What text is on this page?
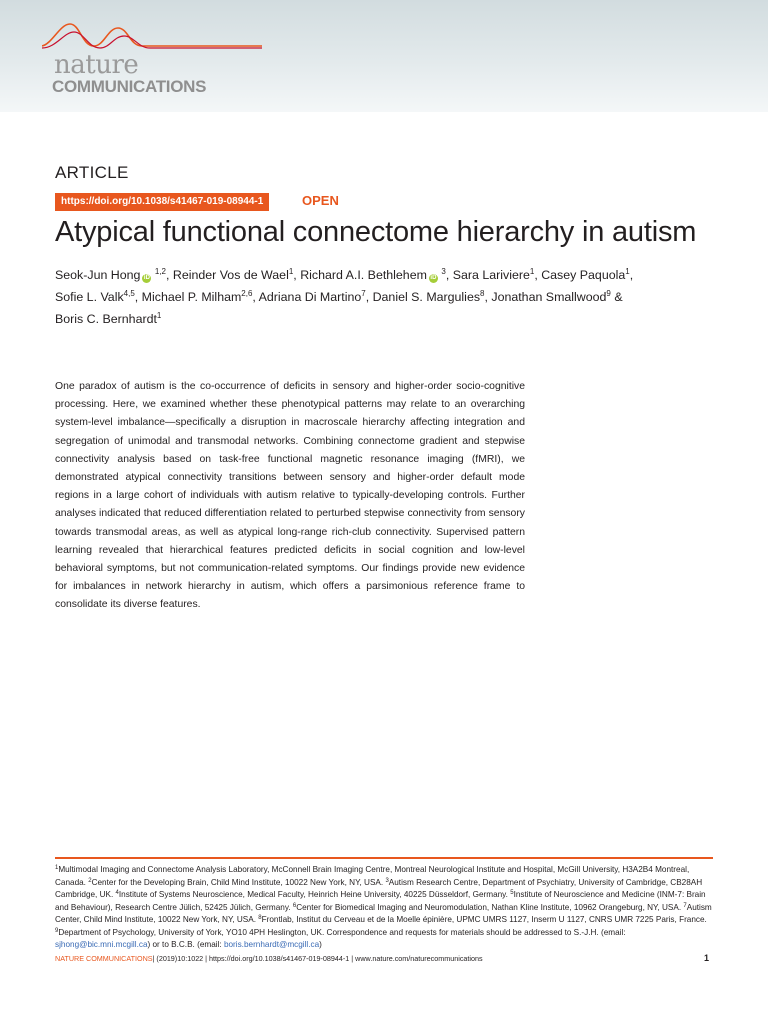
nature
COMMUNICATIONS
ARTICLE
https://doi.org/10.1038/s41467-019-08944-1	OPEN
Atypical functional connectome hierarchy in autism
Seok-Jun Hong iD $^{1,2}$, Reinder Vos de Wael$^1$, Richard A.I. Bethlehem iD $^3$, Sara Lariviere$^1$, Casey Paquola$^1$,
Sofie L. Valk$^{4,5}$, Michael P. Milham$^{2,6}$, Adriana Di Martino$^7$, Daniel S. Margulies$^8$, Jonathan Smallwood$^9$ &
Boris C. Bernhardt$^1$

One paradox of autism is the co-occurrence of deficits in sensory and higher-order socio-cognitive processing. Here, we examined whether these phenotypical patterns may relate to an overarching system-level imbalance—specifically a disruption in macroscale hierarchy affecting integration and segregation of unimodal and transmodal networks. Combining connectome gradient and stepwise connectivity analysis based on task-free functional magnetic resonance imaging (fMRI), we demonstrated atypical connectivity transitions between sensory and higher-order default mode regions in a large cohort of individuals with autism relative to typically-developing controls. Further analyses indicated that reduced differentiation related to perturbed stepwise connectivity from sensory towards transmodal areas, as well as atypical long-range rich-club connectivity. Supervised pattern learning revealed that hierarchical features predicted deficits in social cognition and low-level behavioral symptoms, but not communication-related symptoms. Our findings provide new evidence for imbalances in network hierarchy in autism, which offers a parsimonious reference frame to consolidate its diverse features.

$^1$Multimodal Imaging and Connectome Analysis Laboratory, McConnell Brain Imaging Centre, Montreal Neurological Institute and Hospital, McGill University, H3A2B4 Montreal, Canada. $^2$Center for the Developing Brain, Child Mind Institute, 10022 New York, NY, USA. $^3$Autism Research Centre, Department of Psychiatry, University of Cambridge, CB28AH Cambridge, UK. $^4$Institute of Systems Neuroscience, Medical Faculty, Heinrich Heine University, 40225 Düsseldorf, Germany. $^5$Institute of Neuroscience and Medicine (INM-7: Brain and Behaviour), Research Centre Jülich, 52425 Jülich, Germany. $^6$Center for Biomedical Imaging and Neuromodulation, Nathan Kline Institute, 10962 Orangeburg, NY, USA. $^7$Autism Center, Child Mind Institute, 10022 New York, NY, USA. $^8$Frontlab, Institut du Cerveau et de la Moelle épinière, UPMC UMRS 1127, Inserm U 1127, CNRS UMR 7225 Paris, France. $^9$Department of Psychology, University of York, YO10 4PH Heslington, UK. Correspondence and requests for materials should be addressed to S.-J.H. (email: sjhong@bic.mni.mcgill.ca) or to B.C.B. (email: boris.bernhardt@mcgill.ca)

NATURE COMMUNICATIONS| (2019)10:1022 | https://doi.org/10.1038/s41467-019-08944-1 | www.nature.com/naturecommunications	1
